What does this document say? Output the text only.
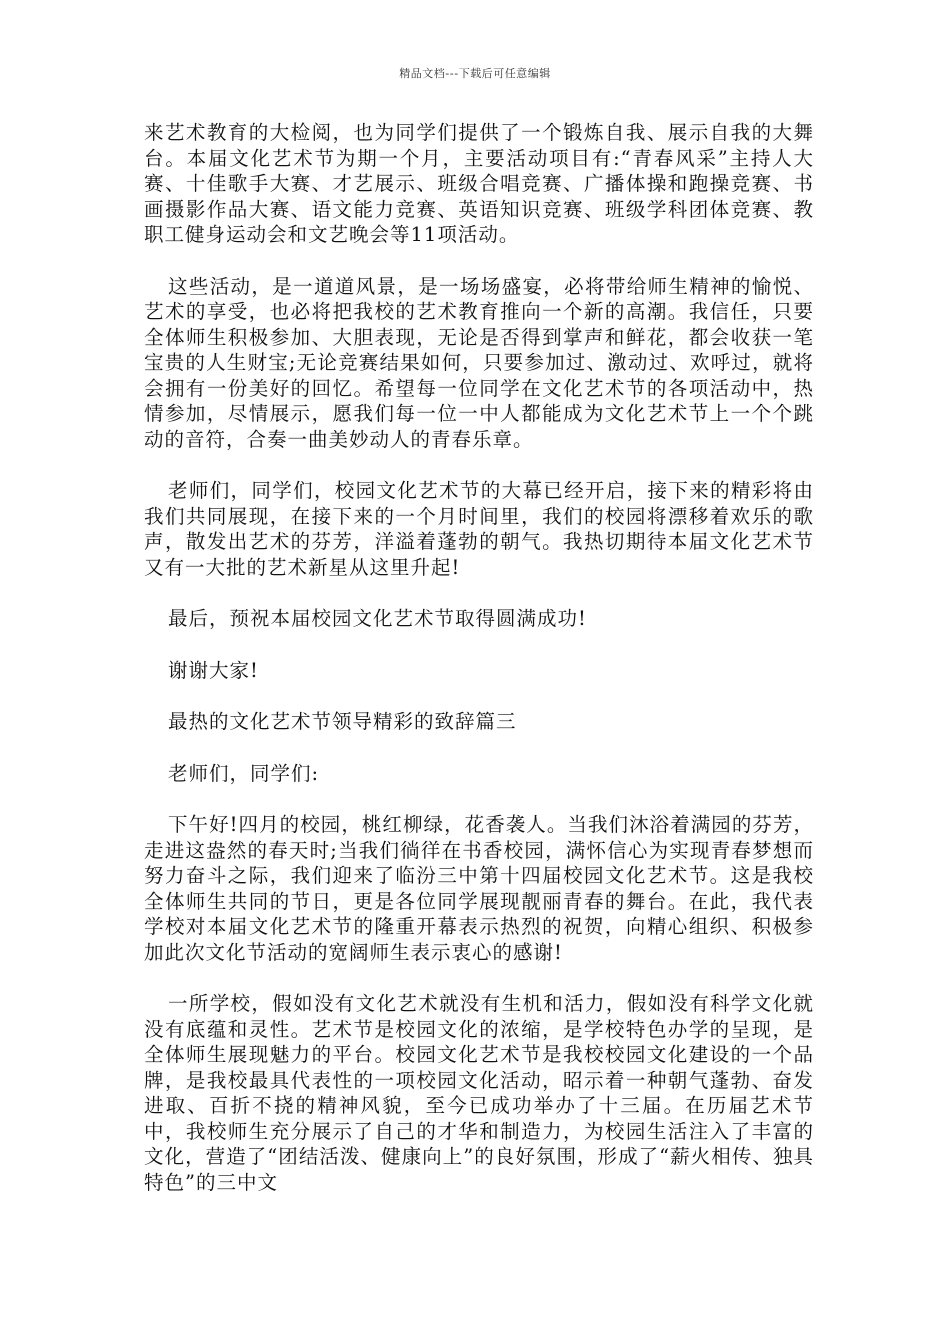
精品文档---下载后可任意编辑

来艺术教育的大检阅，也为同学们提供了一个锻炼自我、展示自我的大舞台。本届文化艺术节为期一个月，主要活动项目有:“青春风采”主持人大赛、十佳歌手大赛、才艺展示、班级合唱竞赛、广播体操和跑操竞赛、书画摄影作品大赛、语文能力竞赛、英语知识竞赛、班级学科团体竞赛、教职工健身运动会和文艺晚会等11项活动。

这些活动，是一道道风景，是一场场盛宴，必将带给师生精神的愉悦、艺术的享受，也必将把我校的艺术教育推向一个新的高潮。我信任，只要全体师生积极参加、大胆表现，无论是否得到掌声和鲜花，都会收获一笔宝贵的人生财宝;无论竞赛结果如何，只要参加过、激动过、欢呼过，就将会拥有一份美好的回忆。希望每一位同学在文化艺术节的各项活动中，热情参加，尽情展示，愿我们每一位一中人都能成为文化艺术节上一个个跳动的音符，合奏一曲美妙动人的青春乐章。

老师们，同学们，校园文化艺术节的大幕已经开启，接下来的精彩将由我们共同展现，在接下来的一个月时间里，我们的校园将漂移着欢乐的歌声，散发出艺术的芬芳，洋溢着蓬勃的朝气。我热切期待本届文化艺术节又有一大批的艺术新星从这里升起!

最后，预祝本届校园文化艺术节取得圆满成功!

谢谢大家!

最热的文化艺术节领导精彩的致辞篇三

老师们，同学们:

下午好!四月的校园，桃红柳绿，花香袭人。当我们沐浴着满园的芬芳，走进这盎然的春天时;当我们徜徉在书香校园，满怀信心为实现青春梦想而努力奋斗之际，我们迎来了临汾三中第十四届校园文化艺术节。这是我校全体师生共同的节日，更是各位同学展现靓丽青春的舞台。在此，我代表学校对本届文化艺术节的隆重开幕表示热烈的祝贺，向精心组织、积极参加此次文化节活动的宽阔师生表示衷心的感谢!

一所学校，假如没有文化艺术就没有生机和活力，假如没有科学文化就没有底蕴和灵性。艺术节是校园文化的浓缩，是学校特色办学的呈现，是全体师生展现魅力的平台。校园文化艺术节是我校校园文化建设的一个品牌，是我校最具代表性的一项校园文化活动，昭示着一种朝气蓬勃、奋发进取、百折不挠的精神风貌，至今已成功举办了十三届。在历届艺术节中，我校师生充分展示了自己的才华和制造力，为校园生活注入了丰富的文化，营造了“团结活泼、健康向上”的良好氛围，形成了“薪火相传、独具特色”的三中文
